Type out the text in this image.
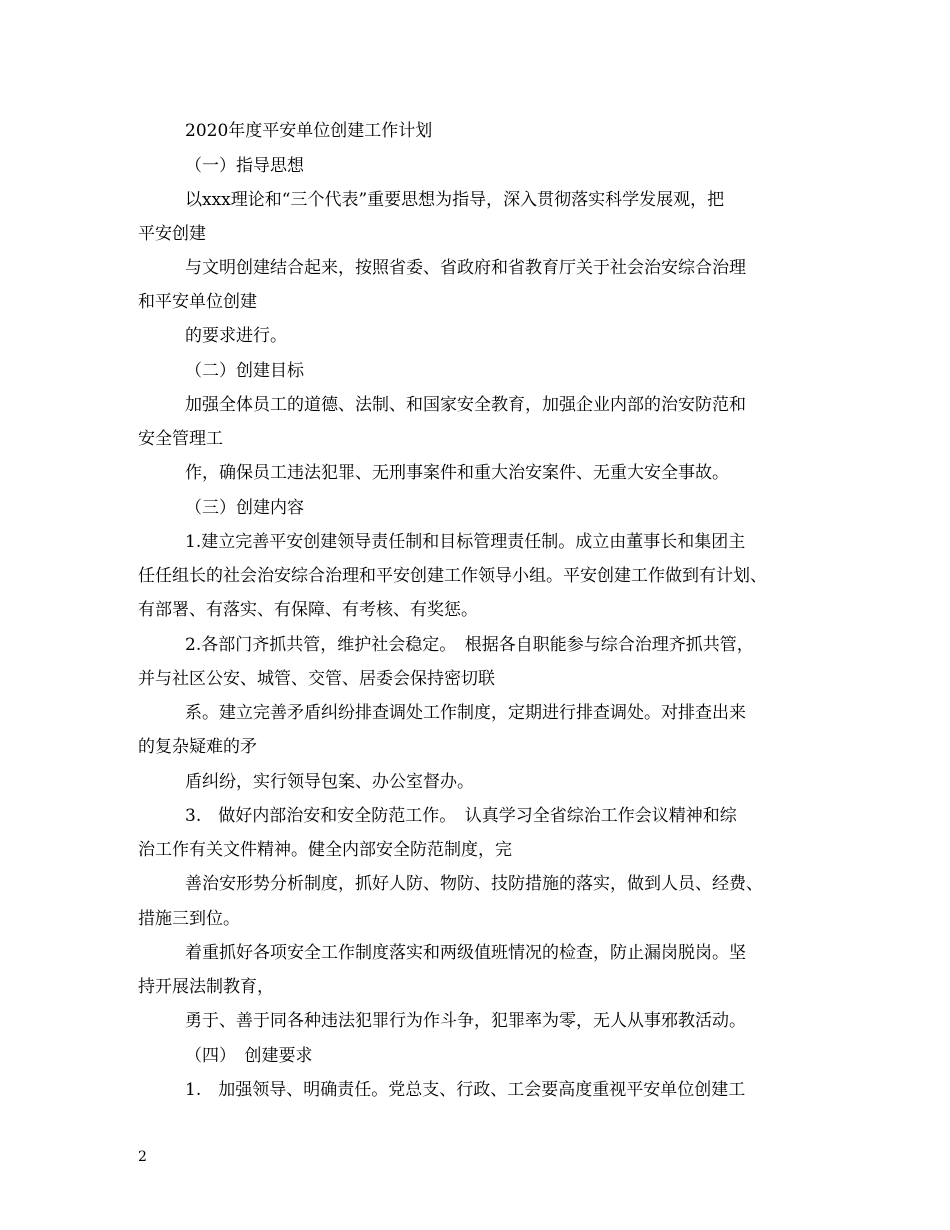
2020年度平安单位创建工作计划
（一）指导思想
以xxx理论和“三个代表”重要思想为指导，深入贯彻落实科学发展观，把
平安创建
与文明创建结合起来，按照省委、省政府和省教育厅关于社会治安综合治理
和平安单位创建
的要求进行。
（二）创建目标
加强全体员工的道德、法制、和国家安全教育，加强企业内部的治安防范和
安全管理工
作，确保员工违法犯罪、无刑事案件和重大治安案件、无重大安全事故。
（三）创建内容
1.建立完善平安创建领导责任制和目标管理责任制。成立由董事长和集团主
任任组长的社会治安综合治理和平安创建工作领导小组。平安创建工作做到有计划、
有部署、有落实、有保障、有考核、有奖惩。
2.各部门齐抓共管，维护社会稳定。　根据各自职能参与综合治理齐抓共管，
并与社区公安、城管、交管、居委会保持密切联
系。建立完善矛盾纠纷排查调处工作制度，定期进行排查调处。对排查出来
的复杂疑难的矛
盾纠纷，实行领导包案、办公室督办。
3.　做好内部治安和安全防范工作。　认真学习全省综治工作会议精神和综
治工作有关文件精神。健全内部安全防范制度，完
善治安形势分析制度，抓好人防、物防、技防措施的落实，做到人员、经费、
措施三到位。
着重抓好各项安全工作制度落实和两级值班情况的检查，防止漏岗脱岗。坚
持开展法制教育，
勇于、善于同各种违法犯罪行为作斗争，犯罪率为零，无人从事邪教活动。
（四）　创建要求
1.　加强领导、明确责任。党总支、行政、工会要高度重视平安单位创建工
2
